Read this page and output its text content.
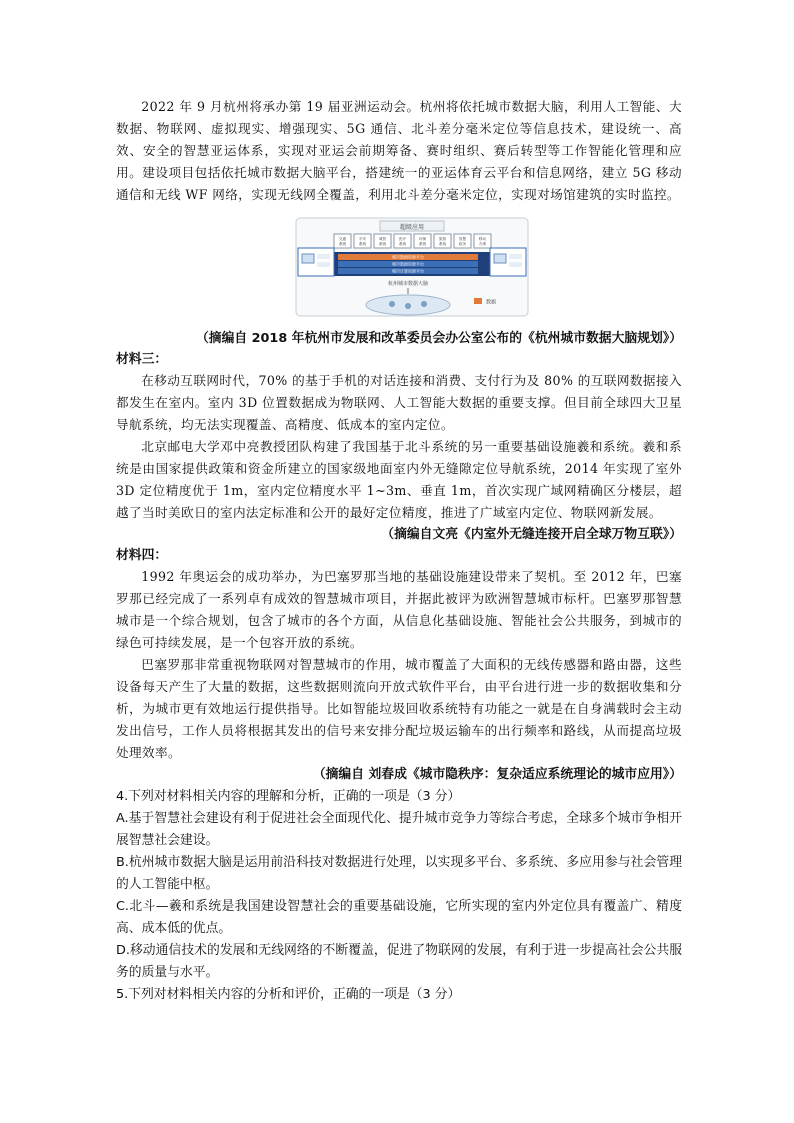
2022 年 9 月杭州将承办第 19 届亚洲运动会。杭州将依托城市数据大脑，利用人工智能、大数据、物联网、虚拟现实、增强现实、5G 通信、北斗差分毫米定位等信息技术，建设统一、高效、安全的智慧亚运体系，实现对亚运会前期筹备、赛时组织、赛后转型等工作智能化管理和应用。建设项目包括依托城市数据大脑平台，搭建统一的亚运体育云平台和信息网络，建立 5G 移动通信和无线 WF 网络，实现无线网全覆盖，利用北斗差分毫米定位，实现对场馆建筑的实时监控。

超级应用
交通
系统
平安
系统
城管
系统
医疗
系统
环保
系统
旅游
系统
智慧
政务
移动
办事
城市数据资源平台
城市数据资源平台
城市计算资源平台
杭州城市数据大脑
数据

（摘编自 2018 年杭州市发展和改革委员会办公室公布的《杭州城市数据大脑规划》）

材料三：

在移动互联网时代，70% 的基于手机的对话连接和消费、支付行为及 80% 的互联网数据接入都发生在室内。室内 3D 位置数据成为物联网、人工智能大数据的重要支撑。但目前全球四大卫星导航系统，均无法实现覆盖、高精度、低成本的室内定位。

北京邮电大学邓中亮教授团队构建了我国基于北斗系统的另一重要基础设施羲和系统。羲和系统是由国家提供政策和资金所建立的国家级地面室内外无缝隙定位导航系统，2014 年实现了室外 3D 定位精度优于 1m，室内定位精度水平 1~3m、垂直 1m，首次实现广域网精确区分楼层，超越了当时美欧日的室内法定标准和公开的最好定位精度，推进了广域室内定位、物联网新发展。

（摘编自文亮《内室外无缝连接开启全球万物互联》）

材料四：

1992 年奥运会的成功举办，为巴塞罗那当地的基础设施建设带来了契机。至 2012 年，巴塞罗那已经完成了一系列卓有成效的智慧城市项目，并据此被评为欧洲智慧城市标杆。巴塞罗那智慧城市是一个综合规划，包含了城市的各个方面，从信息化基础设施、智能社会公共服务，到城市的绿色可持续发展，是一个包容开放的系统。

巴塞罗那非常重视物联网对智慧城市的作用，城市覆盖了大面积的无线传感器和路由器，这些设备每天产生了大量的数据，这些数据则流向开放式软件平台，由平台进行进一步的数据收集和分析，为城市更有效地运行提供指导。比如智能垃圾回收系统特有功能之一就是在自身满载时会主动发出信号，工作人员将根据其发出的信号来安排分配垃圾运输车的出行频率和路线，从而提高垃圾处理效率。

（摘编自 刘春成《城市隐秩序：复杂适应系统理论的城市应用》）

4.下列对材料相关内容的理解和分析，正确的一项是（3 分）

A.基于智慧社会建设有利于促进社会全面现代化、提升城市竞争力等综合考虑，全球多个城市争相开展智慧社会建设。

B.杭州城市数据大脑是运用前沿科技对数据进行处理，以实现多平台、多系统、多应用参与社会管理的人工智能中枢。

C.北斗—羲和系统是我国建设智慧社会的重要基础设施，它所实现的室内外定位具有覆盖广、精度高、成本低的优点。

D.移动通信技术的发展和无线网络的不断覆盖，促进了物联网的发展，有利于进一步提高社会公共服务的质量与水平。

5.下列对材料相关内容的分析和评价，正确的一项是（3 分）
